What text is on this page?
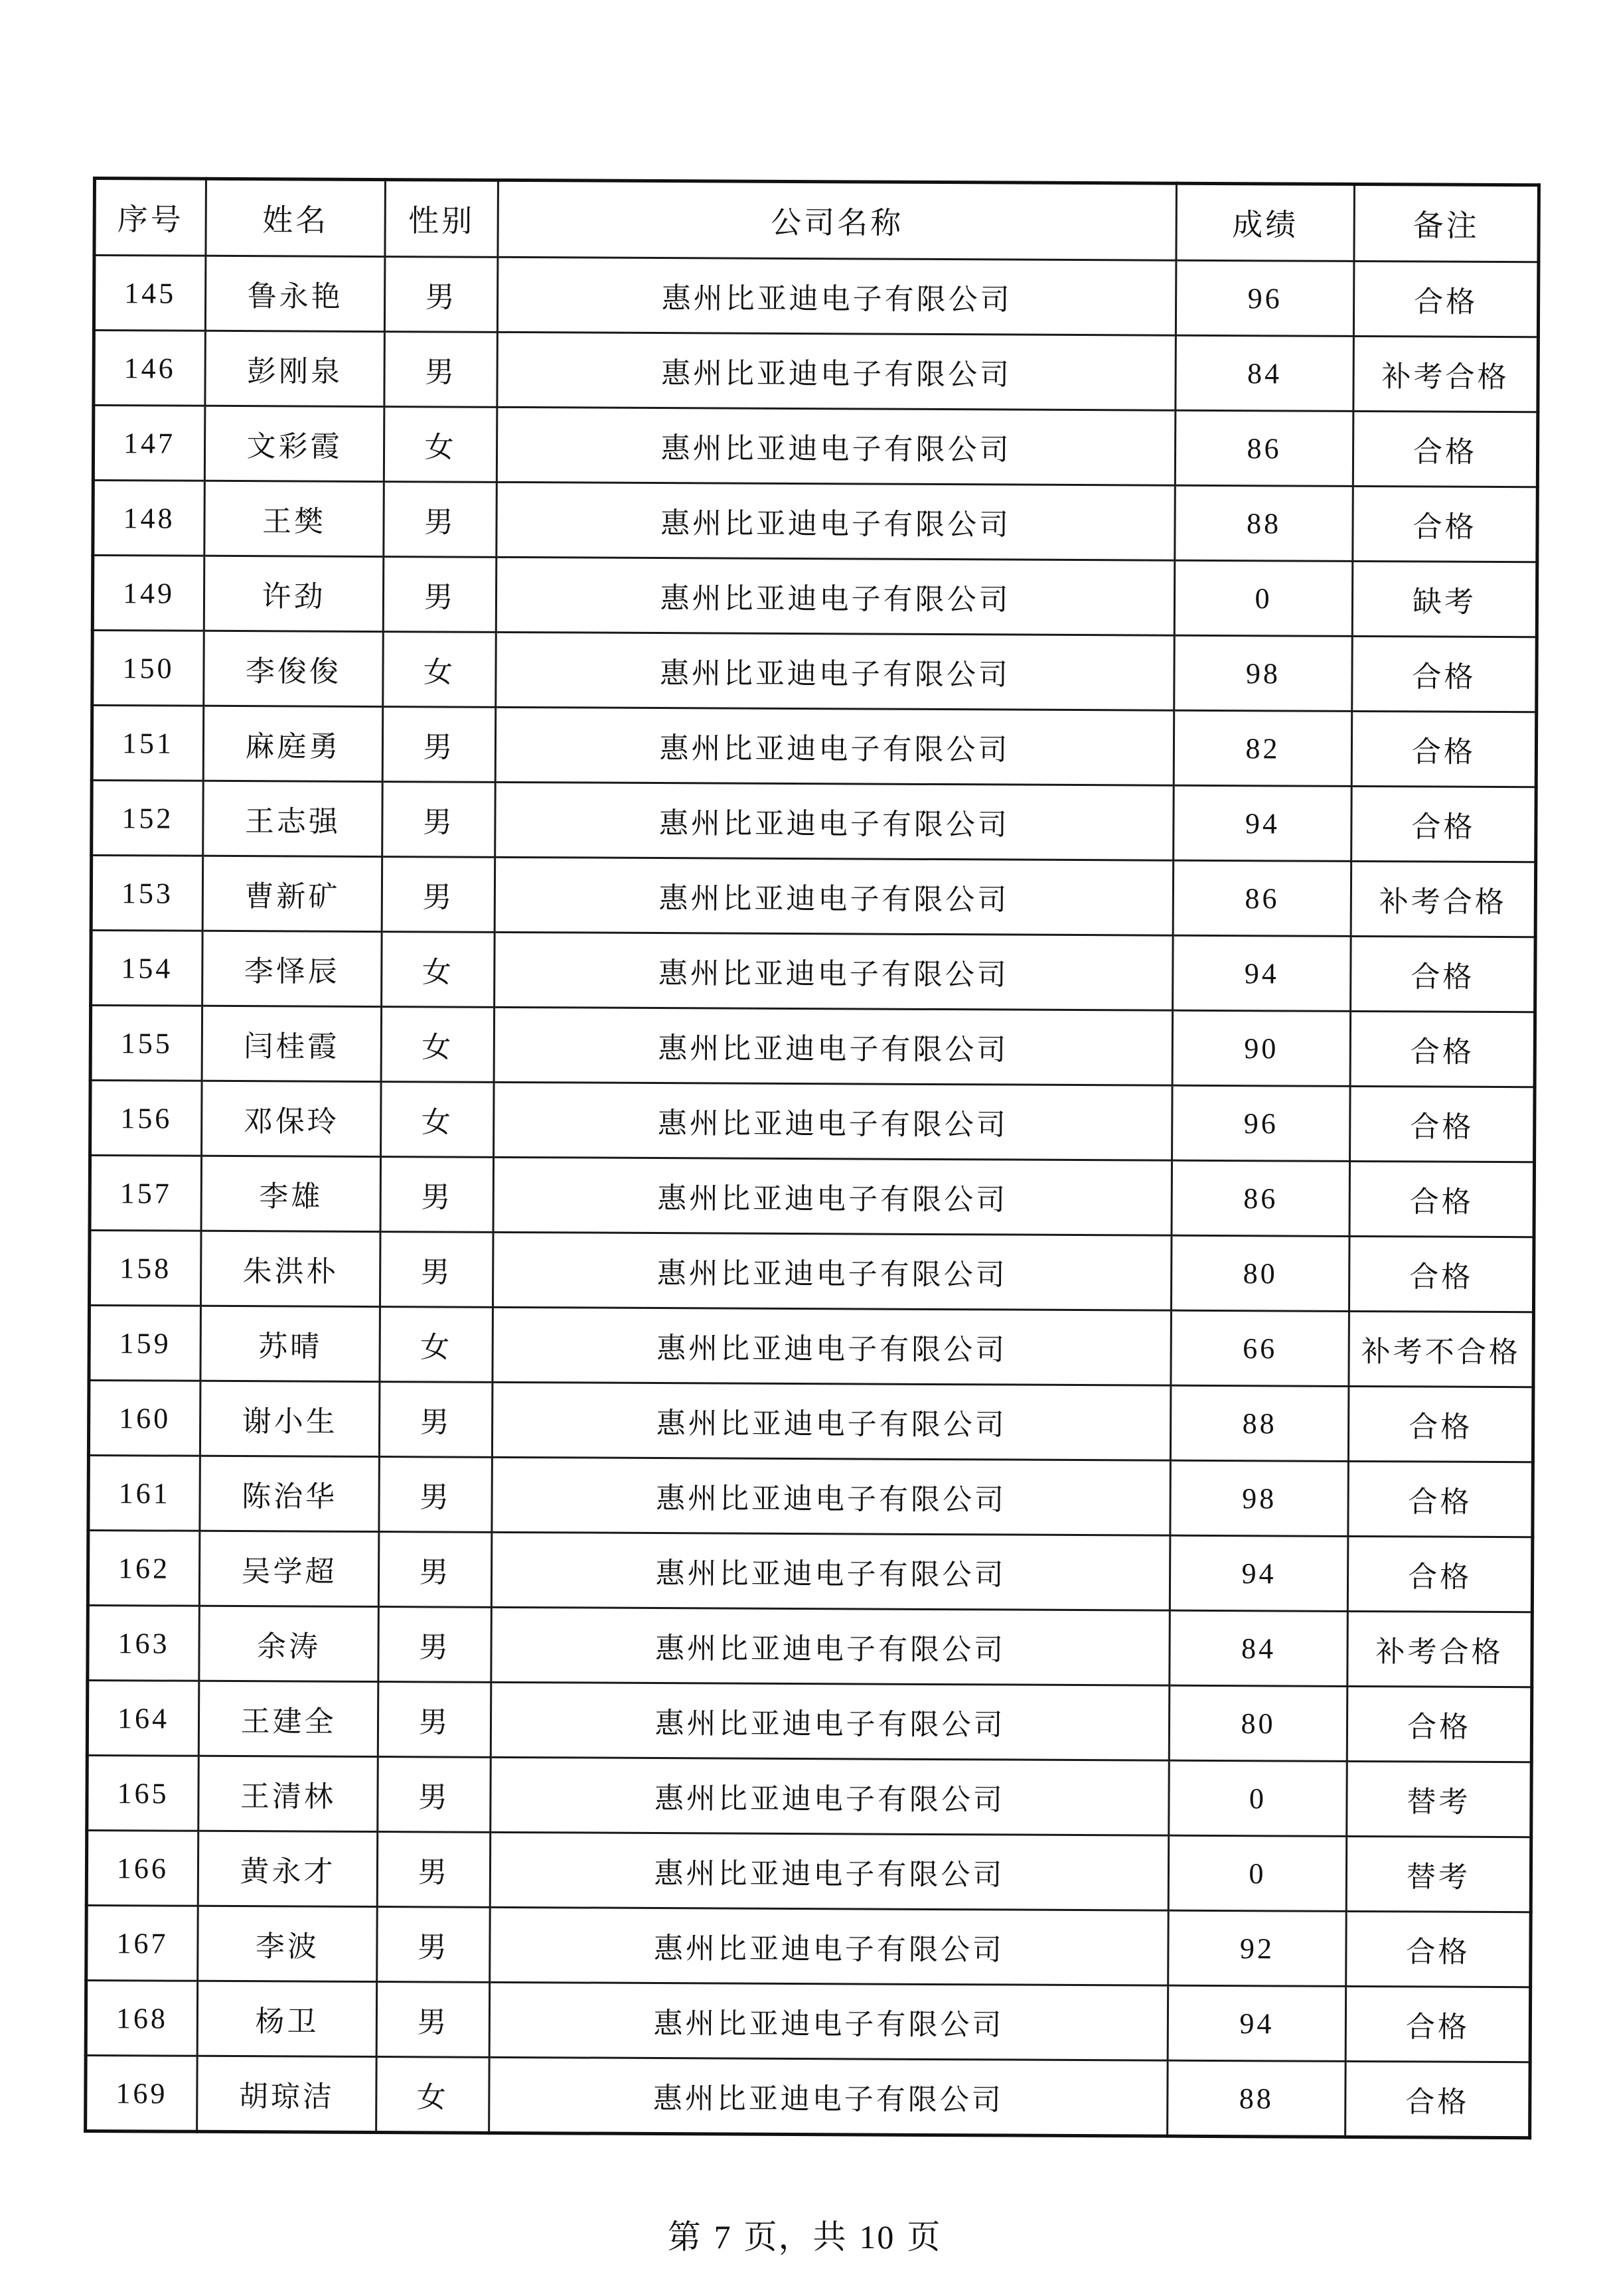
序号	姓名	性别	公司名称	成绩	备注
145	鲁永艳	男	惠州比亚迪电子有限公司	96	合格
146	彭刚泉	男	惠州比亚迪电子有限公司	84	补考合格
147	文彩霞	女	惠州比亚迪电子有限公司	86	合格
148	王樊	男	惠州比亚迪电子有限公司	88	合格
149	许劲	男	惠州比亚迪电子有限公司	0	缺考
150	李俊俊	女	惠州比亚迪电子有限公司	98	合格
151	麻庭勇	男	惠州比亚迪电子有限公司	82	合格
152	王志强	男	惠州比亚迪电子有限公司	94	合格
153	曹新矿	男	惠州比亚迪电子有限公司	86	补考合格
154	李怿辰	女	惠州比亚迪电子有限公司	94	合格
155	闫桂霞	女	惠州比亚迪电子有限公司	90	合格
156	邓保玲	女	惠州比亚迪电子有限公司	96	合格
157	李雄	男	惠州比亚迪电子有限公司	86	合格
158	朱洪朴	男	惠州比亚迪电子有限公司	80	合格
159	苏晴	女	惠州比亚迪电子有限公司	66	补考不合格
160	谢小生	男	惠州比亚迪电子有限公司	88	合格
161	陈治华	男	惠州比亚迪电子有限公司	98	合格
162	吴学超	男	惠州比亚迪电子有限公司	94	合格
163	余涛	男	惠州比亚迪电子有限公司	84	补考合格
164	王建全	男	惠州比亚迪电子有限公司	80	合格
165	王清林	男	惠州比亚迪电子有限公司	0	替考
166	黄永才	男	惠州比亚迪电子有限公司	0	替考
167	李波	男	惠州比亚迪电子有限公司	92	合格
168	杨卫	男	惠州比亚迪电子有限公司	94	合格
169	胡琼洁	女	惠州比亚迪电子有限公司	88	合格
第 7 页，共 10 页
